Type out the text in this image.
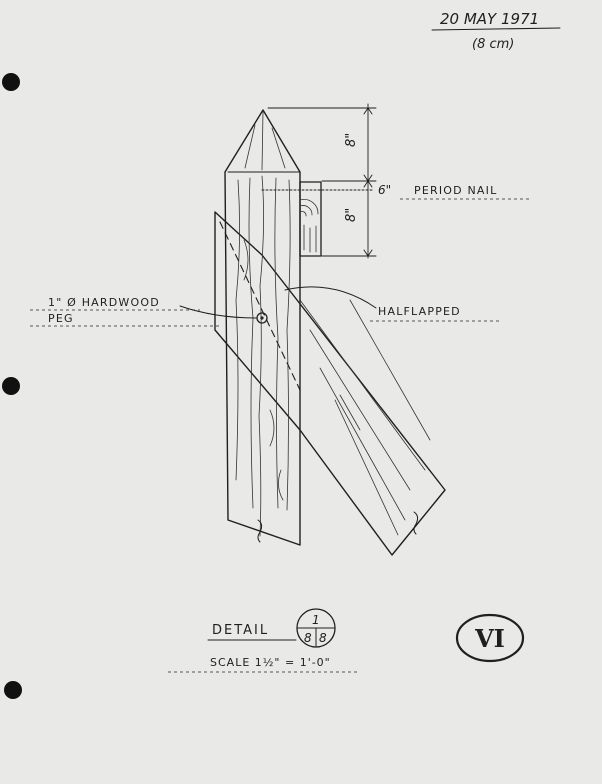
20 MAY 1971
(8 cm)
8"
8"
6" PERIOD NAIL
1" Ø HARDWOOD
PEG
HALFLAPPED
DETAIL
1
8 8
SCALE 1½" = 1'-0"
VI
